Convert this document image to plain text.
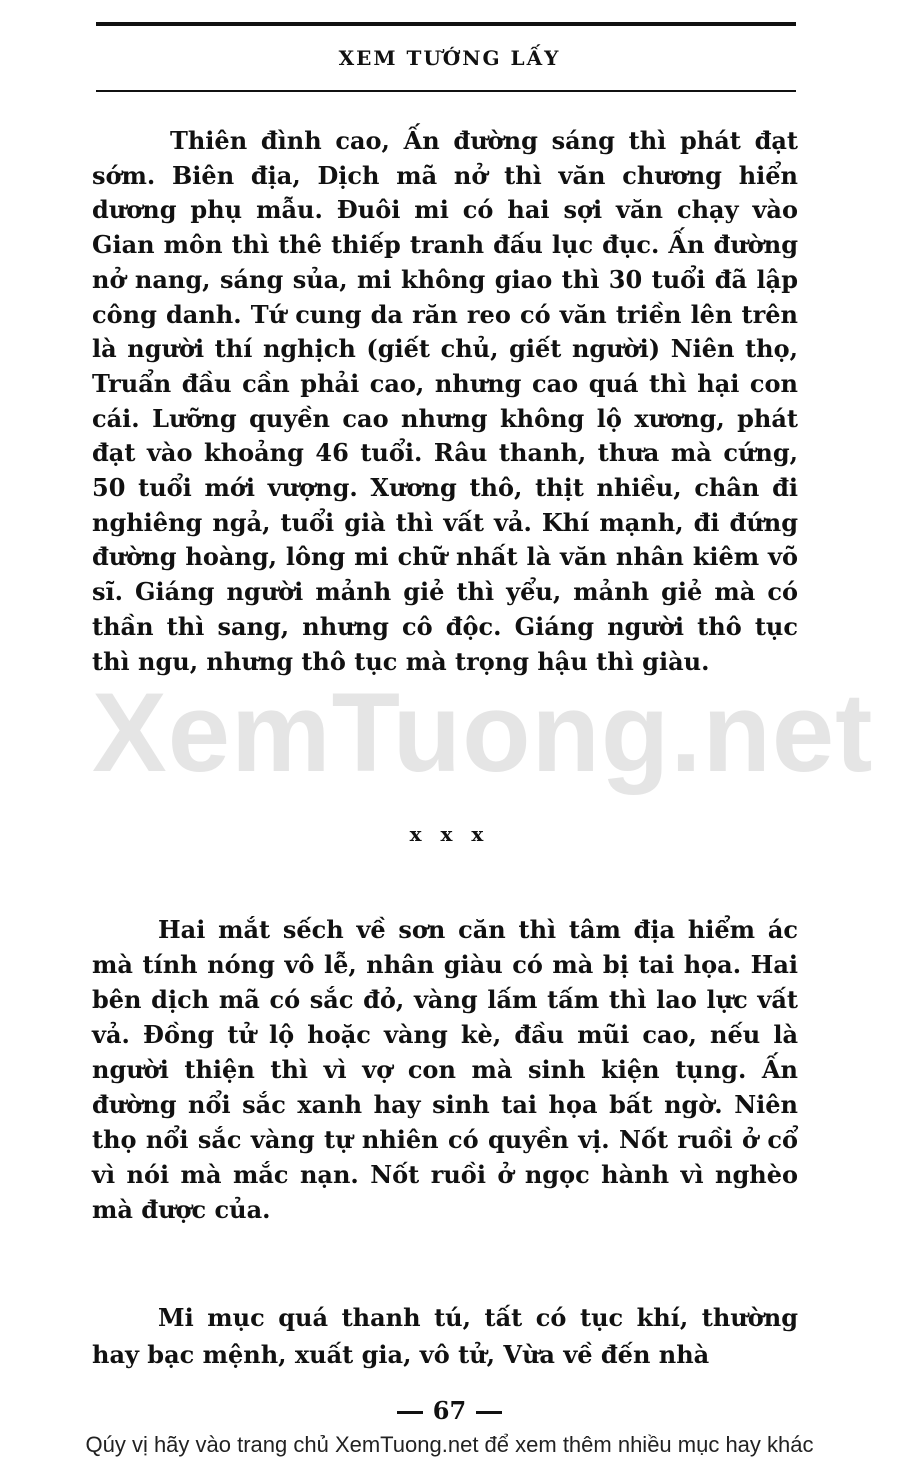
XEM TƯỚNG LẤY
XemTuong.net

Thiên đình cao, Ấn đường sáng thì phát đạt sớm. Biên địa, Dịch mã nở thì văn chương hiển dương phụ mẫu. Đuôi mi có hai sợi văn chạy vào Gian môn thì thê thiếp tranh đấu lục đục. Ấn đường nở nang, sáng sủa, mi không giao thì 30 tuổi đã lập công danh. Tứ cung da răn reo có văn triền lên trên là người thí nghịch (giết chủ, giết người) Niên thọ, Truẩn đầu cần phải cao, nhưng cao quá thì hại con cái. Lưỡng quyền cao nhưng không lộ xương, phát đạt vào khoảng 46 tuổi. Râu thanh, thưa mà cứng, 50 tuổi mới vượng. Xương thô, thịt nhiều, chân đi nghiêng ngả, tuổi già thì vất vả. Khí mạnh, đi đứng đường hoàng, lông mi chữ nhất là văn nhân kiêm võ sĩ. Giáng người mảnh giẻ thì yểu, mảnh giẻ mà có thần thì sang, nhưng cô độc. Giáng người thô tục thì ngu, nhưng thô tục mà trọng hậu thì giàu.

x x x

Hai mắt sếch về sơn căn thì tâm địa hiểm ác mà tính nóng vô lễ, nhân giàu có mà bị tai họa. Hai bên dịch mã có sắc đỏ, vàng lấm tấm thì lao lực vất vả. Đồng tử lộ hoặc vàng kè, đầu mũi cao, nếu là người thiện thì vì vợ con mà sinh kiện tụng. Ấn đường nổi sắc xanh hay sinh tai họa bất ngờ. Niên thọ nổi sắc vàng tự nhiên có quyền vị. Nốt ruồi ở cổ vì nói mà mắc nạn. Nốt ruồi ở ngọc hành vì nghèo mà được của.

Mi mục quá thanh tú, tất có tục khí, thường hay bạc mệnh, xuất gia, vô tử, Vừa về đến nhà

67
Qúy vị hãy vào trang chủ XemTuong.net để xem thêm nhiều mục hay khác
